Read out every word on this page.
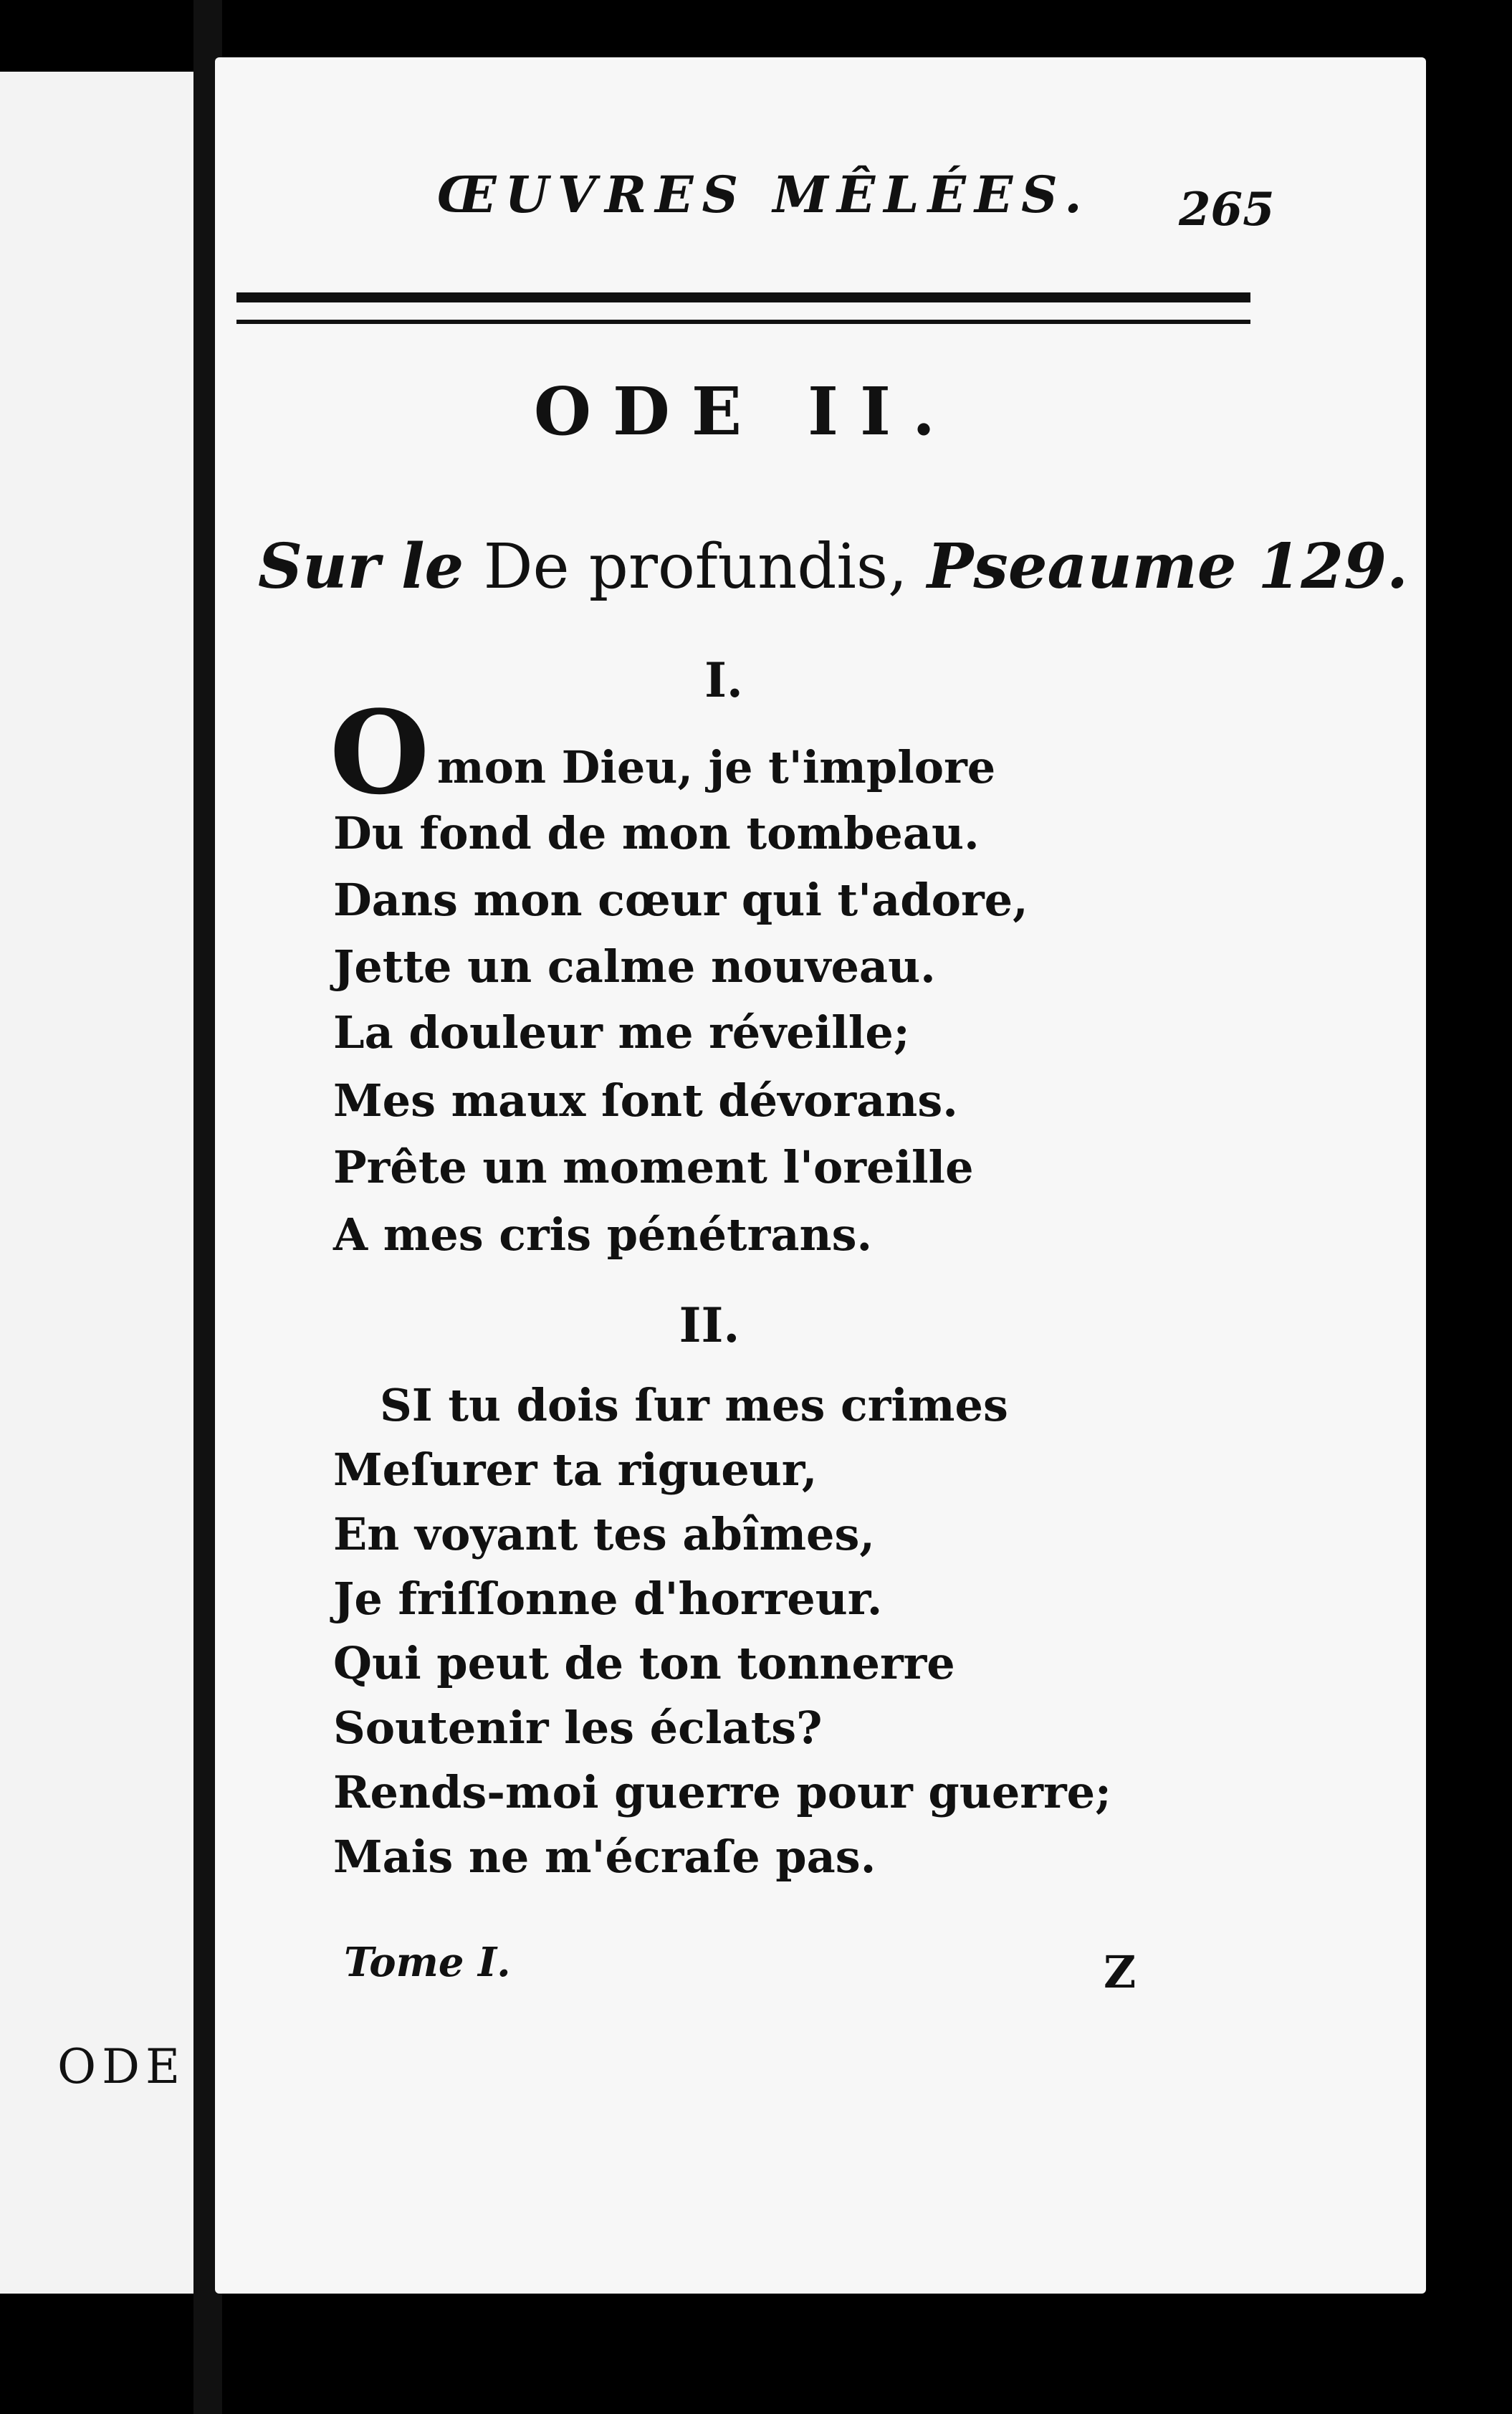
ODE
ŒUVRES MÊLÉES. 265
ODE II.
Sur le De profundis, Pseaume 129.
I.
O mon Dieu, je t'implore
Du fond de mon tombeau.
Dans mon cœur qui t'adore,
Jette un calme nouveau.
La douleur me réveille;
Mes maux ſont dévorans.
Prête un moment l'oreille
A mes cris pénétrans.
II.
SI tu dois ſur mes crimes
Meſurer ta rigueur,
En voyant tes abîmes,
Je friſſonne d'horreur.
Qui peut de ton tonnerre
Soutenir les éclats?
Rends-moi guerre pour guerre;
Mais ne m'écraſe pas.
Tome I.	Z
